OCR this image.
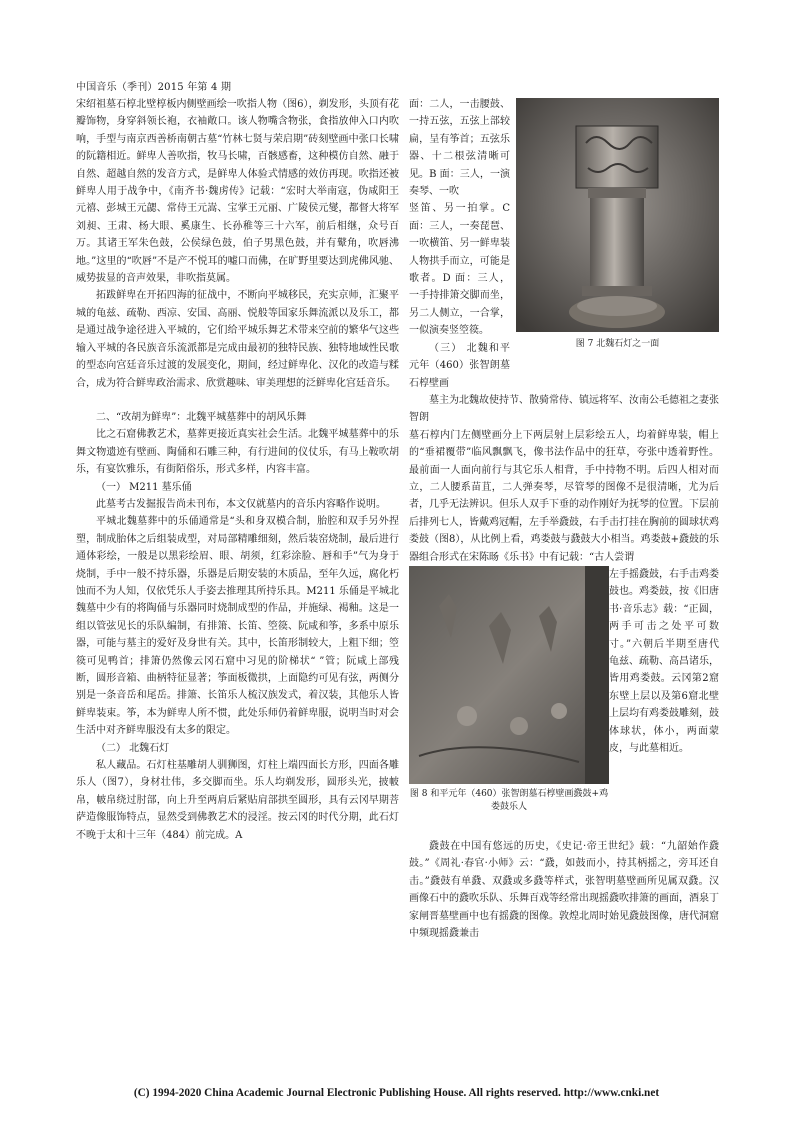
中国音乐（季刊）2015 年第 4 期

宋绍祖墓石椁北壁椁板内侧壁画绘一吹指人物（图6），剃发形，头顶有花瓣饰物，身穿斜领长袍，衣袖敞口。该人物嘴含物张，食指放伸入口内吹响，手型与南京西善桥南朝古墓“竹林七贤与荣启期”砖刻壁画中张口长啸的阮籍相近。鲜卑人善吹指，牧马长啸，百骸感畜，这种模仿自然、融于自然、超越自然的发音方式，是鲜卑人体验式情感的效仿再现。吹指还被鲜卑人用于战争中，《南齐书·魏虏传》记载：“宏时大举南寇，伪咸阳王元禧、彭城王元勰、常侍王元嵩、宝掌王元丽、广陵侯元燮，都督大将军刘昶、王肃、杨大眼、奚康生、长孙稚等三十六军，前后相继，众号百万。其诸王军朱色鼓，公侯绿色鼓，伯子男黑色鼓，并有鼙角，吹唇沸地。”这里的“吹唇”不是产不悦耳的嘘口而佛，在旷野里要达到虎佛风驰、威势拔显的音声效果，非吹指莫属。

拓跋鲜卑在开拓四海的征战中，不断向平城移民，充实京师，汇聚平城的龟兹、疏勒、西凉、安国、高丽、悦般等国家乐舞流派以及乐工，都是通过战争途径进入平城的，它们给平城乐舞艺术带来空前的繁华气这些输入平城的各民族音乐流派都是完成由最初的独特民族、独特地域性民歌的型态向宫廷音乐过渡的发展变化，期间，经过鲜卑化、汉化的改造与糅合，成为符合鲜卑政治需求、欣赏趣味、审美理想的泛鲜卑化宫廷音乐。

二、“改胡为鲜卑”：北魏平城墓葬中的胡风乐舞

比之石窟佛教艺术，墓葬更接近真实社会生活。北魏平城墓葬中的乐舞文物遗迹有壁画、陶俑和石雕三种，有行进间的仪仗乐，有马上鞍吹胡乐，有宴饮雅乐，有街陌俗乐，形式多样，内容丰富。

（一） M211 墓乐俑

此墓考古发掘报告尚未刊布，本文仅就墓内的音乐内容略作说明。

平城北魏墓葬中的乐俑通常是“头和身双模合制，胎腔和双手另外捏塑，制成胎体之后组装成型，对局部精雕细刻，然后装窑烧制，最后进行通体彩绘，一般是以黑彩绘眉、眼、胡须，红彩涂脸、唇和手”气为身于烧制，手中一般不持乐器，乐器是后期安装的木质品，至年久远，腐化朽蚀而不为人知，仅依凭乐人手姿去推理其所持乐具。M211 乐俑是平城北魏墓中少有的将陶俑与乐器同时烧制成型的作品，并施绿、褐釉。这是一组以管弦见长的乐队编制，有排箫、长笛、箜篌、阮咸和筝，多系中原乐器，可能与墓主的爱好及身世有关。其中，长笛形制较大，上粗下细；箜篌可见鸭首；排箫仍然像云冈石窟中习见的阶梯状“ ”管；阮咸上部残断，圆形音箱、曲柄特征显著；筝面板微拱，上面隐约可见有弦，两侧分别是一条音岳和尾岳。排箫、长笛乐人梳汉族发式，着汉装，其他乐人皆鲜卑装束。筝，本为鲜卑人所不惯，此处乐师仍着鲜卑服，说明当时对会生活中对齐鲜卑服没有太多的限定。

（二） 北魏石灯

私人藏品。石灯柱基雕胡人驯狮图，灯柱上端四面长方形，四面各雕乐人（图7），身材壮伟，多交脚而坐。乐人均剃发形，圆形头光，披帔帛，帔帛绕过肘部，向上升至两肩后紧贴肩部拱至圆形，具有云冈早期菩萨造像服饰特点，显然受到佛教艺术的浸淫。按云冈的时代分期，此石灯不晚于太和十三年（484）前完成。A

图 7 北魏石灯之一面

面：二人，一击腰鼓、一持五弦，五弦上部较扁，呈有筝首；五弦乐器、十二根弦清晰可见。B 面：三人，一演奏琴、一吹

竖笛、另一拍掌。C 面：三人，一奏琵琶、一吹横笛、另一鲜卑装人物拱手而立，可能是歌者。D 面：三人，一手持排箫交脚而坐，另二人侧立，一合掌，一似演奏竖箜篌。

（三） 北魏和平元年（460）张智朗墓石椁壁画

墓主为北魏故使持节、散骑常侍、镇远将军、汝南公毛德祖之妻张智朗

墓石椁内门左侧壁画分上下两层射上层彩绘五人，均着鲜卑装，帽上的“垂裙覆带”临风飘飘飞，像书法作品中的狂草，夸张中透着野性。最前面一人面向前行与其它乐人相背，手中持物不明。后四人相对而立，二人腰系苗苴，二人弹奏琴，尽管琴的图像不是很清晰，尤为后者，几乎无法辨识。但乐人双手下垂的动作刚好为抚琴的位置。下层前后排列七人，皆戴鸡冠帽，左手举鼗鼓，右手击打挂在胸前的圆球状鸡娄鼓（图8），从比例上看，鸡娄鼓与鼗鼓大小相当。鸡娄鼓+鼗鼓的乐器组合形式在宋陈旸《乐书》中有记载：“古人尝谓

图 8 和平元年（460）张智朗墓石椁壁画鼗鼓+鸡娄鼓乐人

左手摇鼗鼓，右手击鸡娄鼓也。鸡娄鼓，按《旧唐书·音乐志》载：“正圆，两手可击之处平可数寸。”六朝后半期至唐代龟兹、疏勒、高昌诸乐，皆用鸡娄鼓。云冈第2窟东壁上层以及第6窟北壁上层均有鸡娄鼓雕刻，鼓体球状，体小，两面蒙皮，与此墓相近。

鼗鼓在中国有悠远的历史，《史记·帝王世纪》载：“九韶始作鼗鼓。”《周礼·春官·小师》云：“鼗，如鼓而小，持其柄摇之，旁耳还自击。”鼗鼓有单鼗、双鼗或多鼗等样式，张智明墓壁画所见属双鼗。汉画像石中的鼗吹乐队、乐舞百戏等经常出现摇鼗吹排箫的画面，酒泉丁家闸晋墓壁画中也有摇鼗的图像。敦煌北周时始见鼗鼓图像，唐代洞窟中频现摇鼗兼击

(C) 1994-2020 China Academic Journal Electronic Publishing House. All rights reserved. http://www.cnki.net
